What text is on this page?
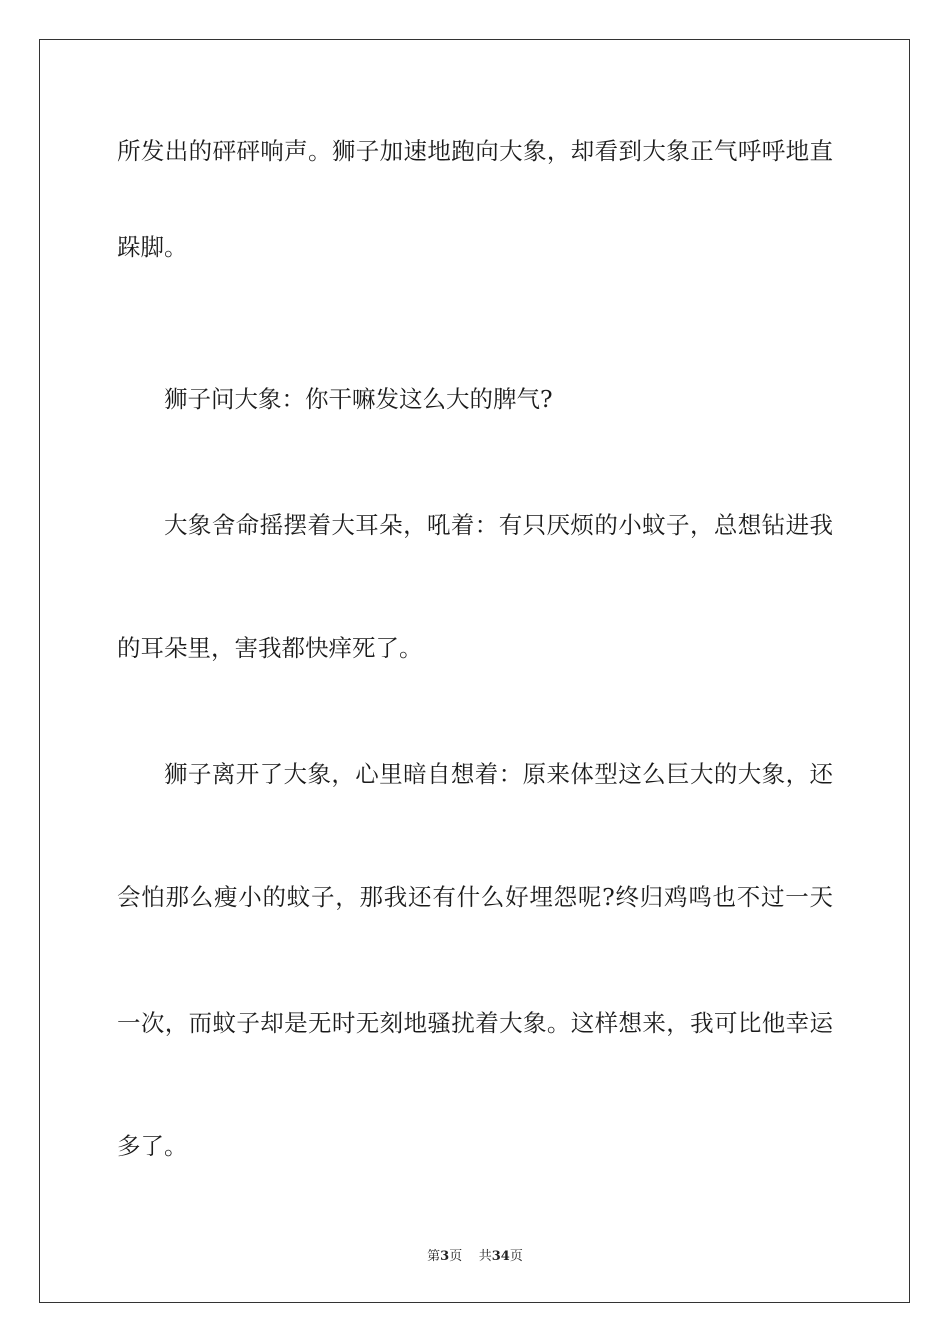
所发出的砰砰响声。狮子加速地跑向大象，却看到大象正气呼呼地直
跺脚。
狮子问大象：你干嘛发这么大的脾气?
大象舍命摇摆着大耳朵，吼着：有只厌烦的小蚊子，总想钻进我
的耳朵里，害我都快痒死了。
狮子离开了大象，心里暗自想着：原来体型这么巨大的大象，还
会怕那么瘦小的蚊子，那我还有什么好埋怨呢?终归鸡鸣也不过一天
一次，而蚊子却是无时无刻地骚扰着大象。这样想来，我可比他幸运
多了。
第3页 共34页
